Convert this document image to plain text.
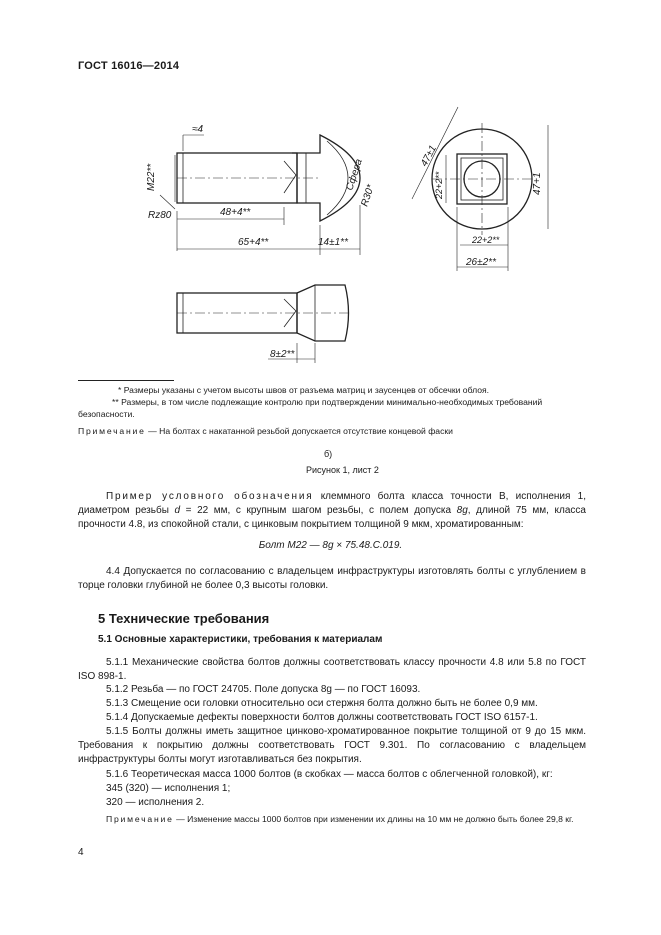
ГОСТ 16016—2014
≈4
M22**
Rz80	48+4**
65+4**	14±1**
Сфера
R30*
47±1
22+2**	47+1
22+2**
26±2**
8±2**
* Размеры указаны с учетом высоты швов от разъема матриц и заусенцев от обсечки облоя.
** Размеры, в том числе подлежащие контролю при подтверждении минимально-необходимых требований
безопасности.
Примечание — На болтах с накатанной резьбой допускается отсутствие концевой фаски
б)
Рисунок 1, лист 2
Пример условного обозначения клеммного болта класса точности В, исполнения 1, диаметром резьбы d = 22 мм, с крупным шагом резьбы, с полем допуска 8g, длиной 75 мм, класса прочности 4.8, из спокойной стали, с цинковым покрытием толщиной 9 мкм, хроматированным:
Болт М22 — 8g × 75.48.С.019.
4.4 Допускается по согласованию с владельцем инфраструктуры изготовлять болты с углублением в торце головки глубиной не более 0,3 высоты головки.
5 Технические требования
5.1 Основные характеристики, требования к материалам
5.1.1 Механические свойства болтов должны соответствовать классу прочности 4.8 или 5.8 по ГОСТ ISO 898-1.
5.1.2 Резьба — по ГОСТ 24705. Поле допуска 8g — по ГОСТ 16093.
5.1.3 Смещение оси головки относительно оси стержня болта должно быть не более 0,9 мм.
5.1.4 Допускаемые дефекты поверхности болтов должны соответствовать ГОСТ ISO 6157-1.
5.1.5 Болты должны иметь защитное цинково-хроматированное покрытие толщиной от 9 до 15 мкм. Требования к покрытию должны соответствовать ГОСТ 9.301. По согласованию с владельцем инфраструктуры болты могут изготавливаться без покрытия.
5.1.6 Теоретическая масса 1000 болтов (в скобках — масса болтов с облегченной головкой), кг:
345 (320) — исполнения 1;
320 — исполнения 2.
Примечание — Изменение массы 1000 болтов при изменении их длины на 10 мм не должно быть более 29,8 кг.
4
